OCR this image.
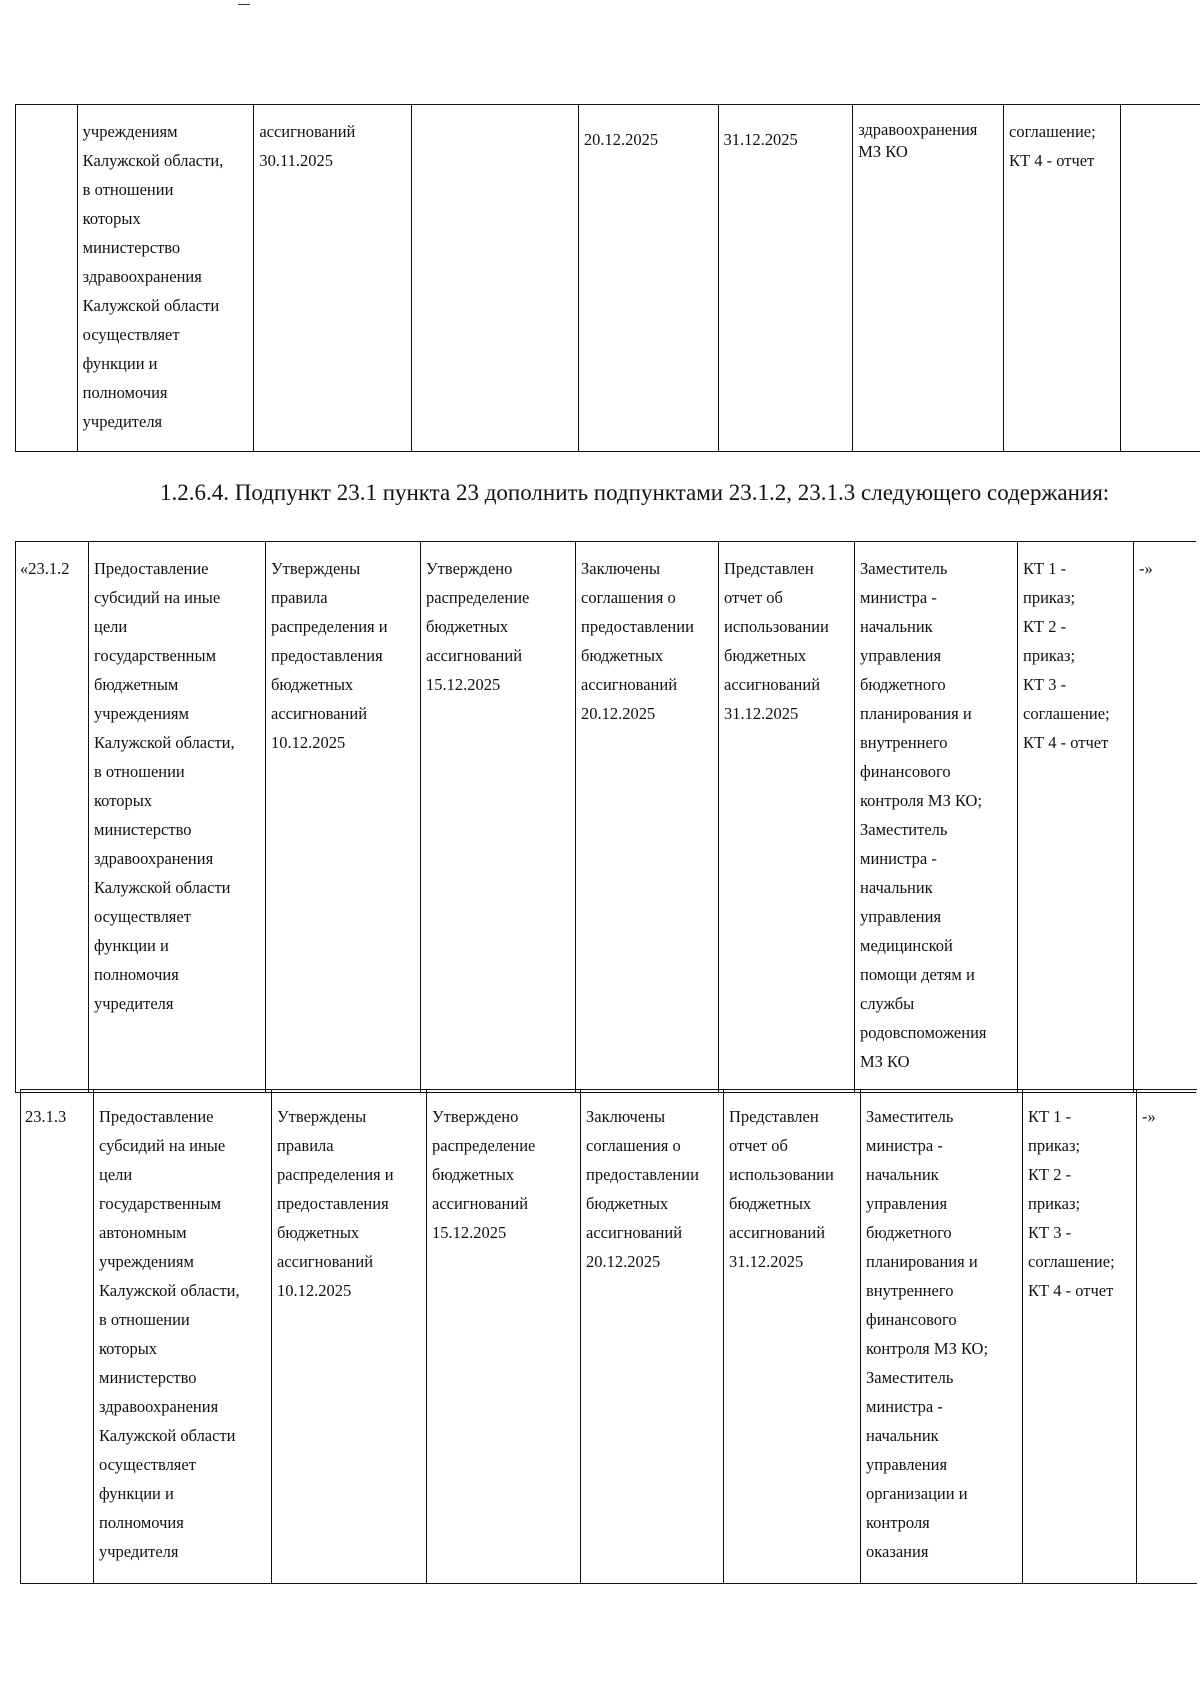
	учреждениям
Калужской области,
в отношении
которых
министерство
здравоохранения
Калужской области
осуществляет
функции и
полномочия
учредителя	ассигнований
30.11.2025		20.12.2025	31.12.2025	здравоохранения
МЗ КО	соглашение;
КТ 4 - отчет	
1.2.6.4. Подпункт 23.1 пункта 23 дополнить подпунктами 23.1.2, 23.1.3 следующего содержания:
«23.1.2	Предоставление
субсидий на иные
цели
государственным
бюджетным
учреждениям
Калужской области,
в отношении
которых
министерство
здравоохранения
Калужской области
осуществляет
функции и
полномочия
учредителя	Утверждены
правила
распределения и
предоставления
бюджетных
ассигнований
10.12.2025	Утверждено
распределение
бюджетных
ассигнований
15.12.2025	Заключены
соглашения о
предоставлении
бюджетных
ассигнований
20.12.2025	Представлен
отчет об
использовании
бюджетных
ассигнований
31.12.2025	Заместитель
министра -
начальник
управления
бюджетного
планирования и
внутреннего
финансового
контроля МЗ КО;
Заместитель
министра -
начальник
управления
медицинской
помощи детям и
службы
родовспоможения
МЗ КО	КТ 1 -
приказ;
КТ 2 -
приказ;
КТ 3 -
соглашение;
КТ 4 - отчет	-»
23.1.3	Предоставление
субсидий на иные
цели
государственным
автономным
учреждениям
Калужской области,
в отношении
которых
министерство
здравоохранения
Калужской области
осуществляет
функции и
полномочия
учредителя	Утверждены
правила
распределения и
предоставления
бюджетных
ассигнований
10.12.2025	Утверждено
распределение
бюджетных
ассигнований
15.12.2025	Заключены
соглашения о
предоставлении
бюджетных
ассигнований
20.12.2025	Представлен
отчет об
использовании
бюджетных
ассигнований
31.12.2025	Заместитель
министра -
начальник
управления
бюджетного
планирования и
внутреннего
финансового
контроля МЗ КО;
Заместитель
министра -
начальник
управления
организации и
контроля
оказания	КТ 1 -
приказ;
КТ 2 -
приказ;
КТ 3 -
соглашение;
КТ 4 - отчет	-»
